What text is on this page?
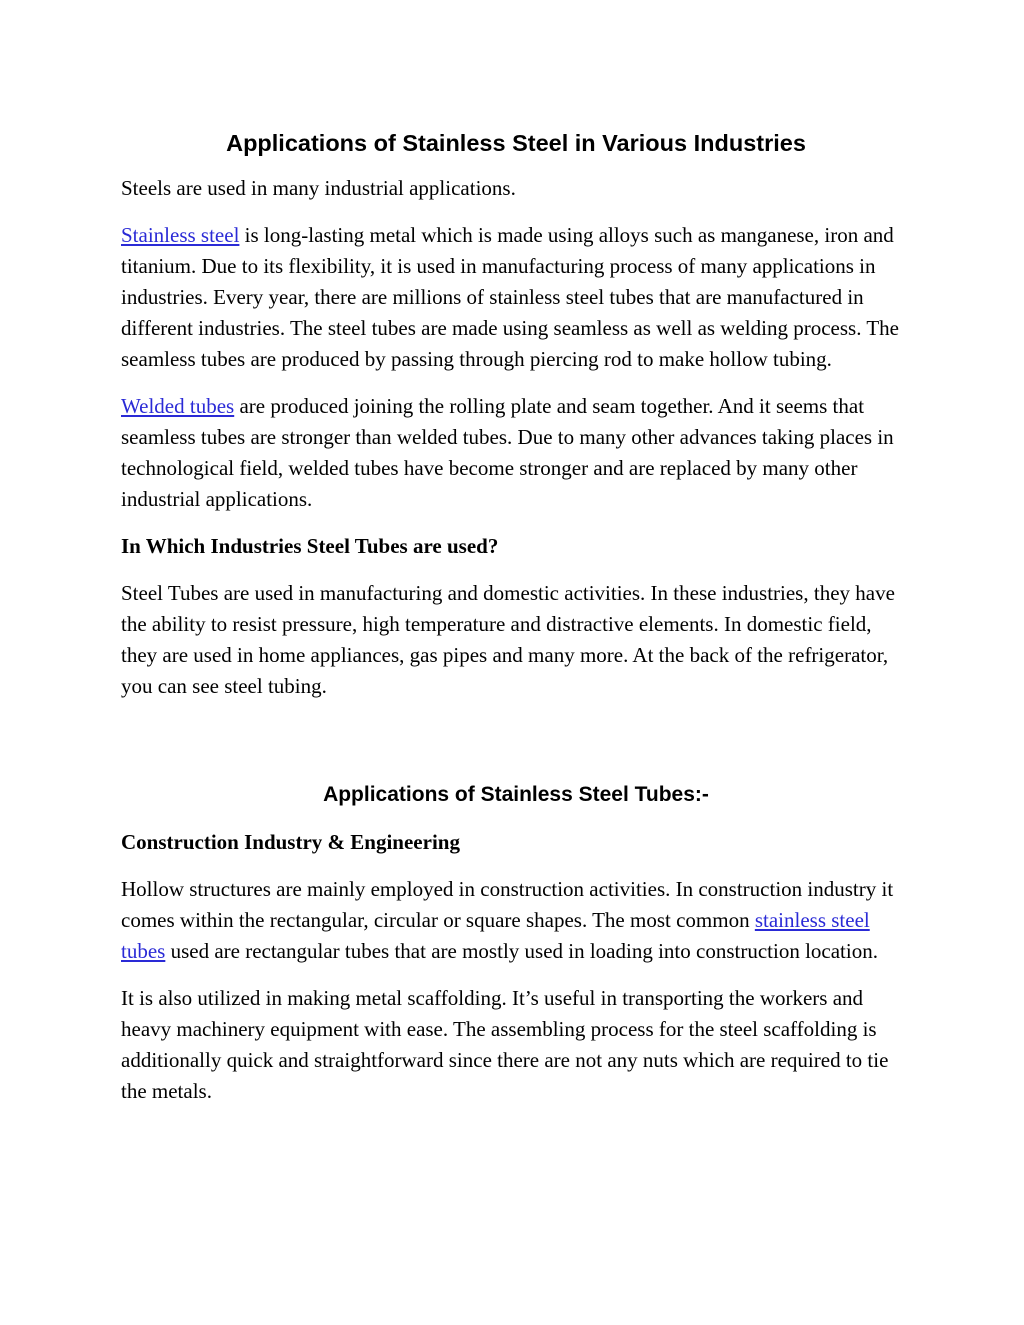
Applications of Stainless Steel in Various Industries

Steels are used in many industrial applications.

Stainless steel is long-lasting metal which is made using alloys such as manganese, iron and titanium. Due to its flexibility, it is used in manufacturing process of many applications in industries. Every year, there are millions of stainless steel tubes that are manufactured in different industries. The steel tubes are made using seamless as well as welding process. The seamless tubes are produced by passing through piercing rod to make hollow tubing.

Welded tubes are produced joining the rolling plate and seam together. And it seems that seamless tubes are stronger than welded tubes. Due to many other advances taking places in technological field, welded tubes have become stronger and are replaced by many other industrial applications.

In Which Industries Steel Tubes are used?

Steel Tubes are used in manufacturing and domestic activities. In these industries, they have the ability to resist pressure, high temperature and distractive elements. In domestic field, they are used in home appliances, gas pipes and many more. At the back of the refrigerator, you can see steel tubing.

Applications of Stainless Steel Tubes:-

Construction Industry & Engineering

Hollow structures are mainly employed in construction activities. In construction industry it comes within the rectangular, circular or square shapes. The most common stainless steel tubes used are rectangular tubes that are mostly used in loading into construction location.

It is also utilized in making metal scaffolding. It’s useful in transporting the workers and heavy machinery equipment with ease. The assembling process for the steel scaffolding is additionally quick and straightforward since there are not any nuts which are required to tie the metals.
